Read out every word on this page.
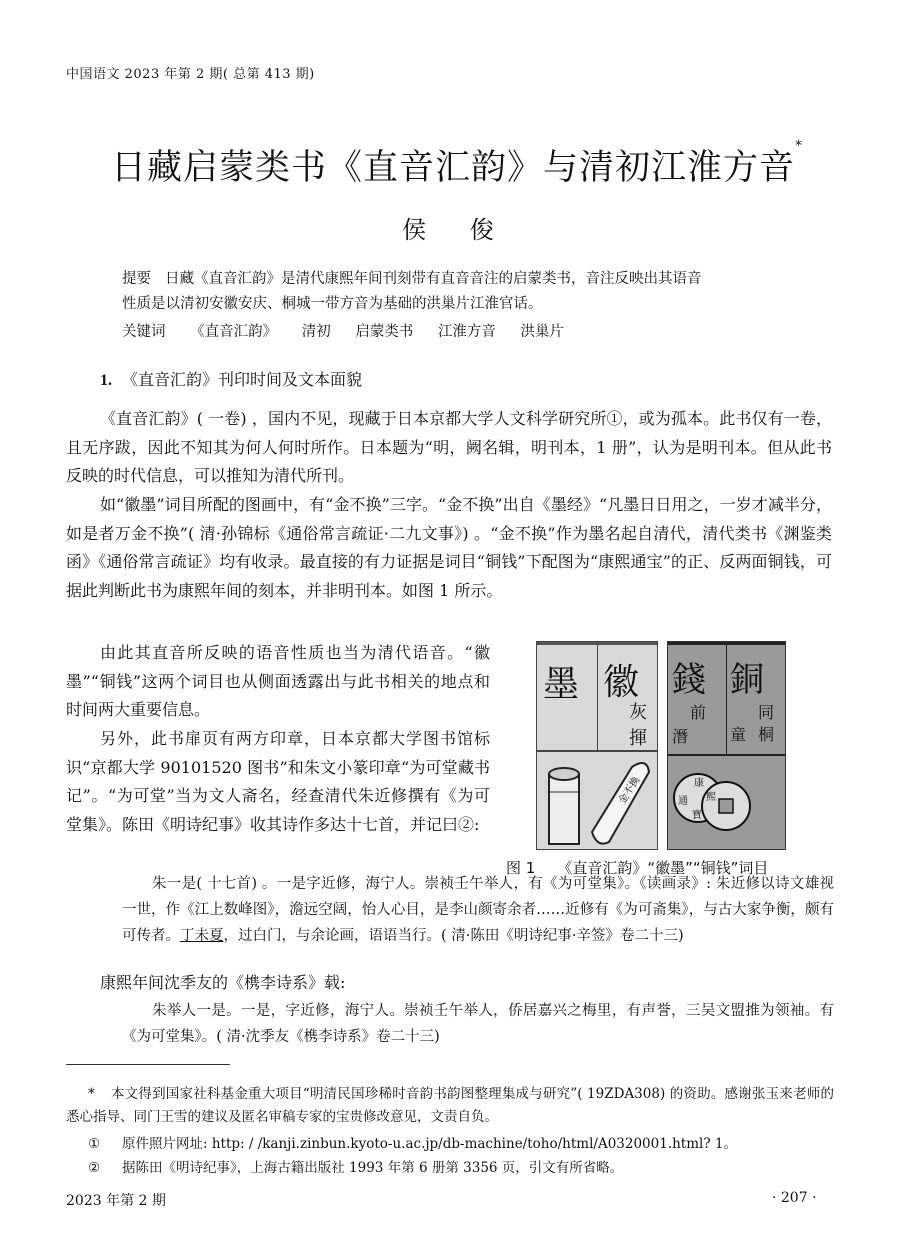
中国语文 2023 年第 2 期( 总第 413 期)
日藏启蒙类书《直音汇韵》与清初江淮方音*
侯 俊
提要 日藏《直音汇韵》是清代康熙年间刊刻带有直音音注的启蒙类书，音注反映出其语音
性质是以清初安徽安庆、桐城一带方音为基础的洪巢片江淮官话。
关键词 《直音汇韵》 清初 启蒙类书 江淮方音 洪巢片
1. 《直音汇韵》刊印时间及文本面貌
《直音汇韵》( 一卷) ，国内不见，现藏于日本京都大学人文科学研究所①，或为孤本。此书仅有一卷，且无序跋，因此不知其为何人何时所作。日本题为“明，阙名辑，明刊本，1 册”，认为是明刊本。但从此书反映的时代信息，可以推知为清代所刊。
如“徽墨”词目所配的图画中，有“金不换”三字。“金不换”出自《墨经》“凡墨日日用之，一岁才减半分，如是者万金不换”( 清·孙锦标《通俗常言疏证·二九文事》) 。“金不换”作为墨名起自清代，清代类书《渊鉴类函》《通俗常言疏证》均有收录。最直接的有力证据是词目“铜钱”下配图为“康熙通宝”的正、反两面铜钱，可据此判断此书为康熙年间的刻本，并非明刊本。如图 1 所示。
由此其直音所反映的语音性质也当为清代语音。“徽墨”“铜钱”这两个词目也从侧面透露出与此书相关的地点和时间两大重要信息。
另外，此书扉页有两方印章，日本京都大学图书馆标识“京都大学 90101520 图书”和朱文小篆印章“为可堂藏书记”。“为可堂”当为文人斋名，经查清代朱近修撰有《为可堂集》。陈田《明诗纪事》收其诗作多达十七首，并记曰②:
墨 徽
灰
揮
金不換
錢 銅
前
潛
同
童 桐
康
熙
通
寶
图 1 《直音汇韵》“徽墨”“铜钱”词目
朱一是( 十七首) 。一是字近修，海宁人。崇祯壬午举人，有《为可堂集》。《读画录》: 朱近修以诗文雄视一世，作《江上数峰图》，澹远空阔，怡人心目，是李山颜寄余者……近修有《为可斋集》，与古大家争衡，颇有可传者。丁未夏，过白门，与余论画，语语当行。( 清·陈田《明诗纪事·辛签》卷二十三)
康熙年间沈季友的《槜李诗系》载:
朱举人一是。一是，字近修，海宁人。崇祯壬午举人，侨居嘉兴之梅里，有声誉，三吴文盟推为领袖。有《为可堂集》。( 清·沈季友《槜李诗系》卷二十三)
* 本文得到国家社科基金重大项目“明清民国珍稀时音韵书韵图整理集成与研究”( 19ZDA308) 的资助。感谢张玉来老师的悉心指导、同门王雪的建议及匿名审稿专家的宝贵修改意见，文责自负。
① 原件照片网址: http: / /kanji.zinbun.kyoto-u.ac.jp/db-machine/toho/html/A0320001.html? 1。
② 据陈田《明诗纪事》，上海古籍出版社 1993 年第 6 册第 3356 页，引文有所省略。
2023 年第 2 期	· 207 ·
